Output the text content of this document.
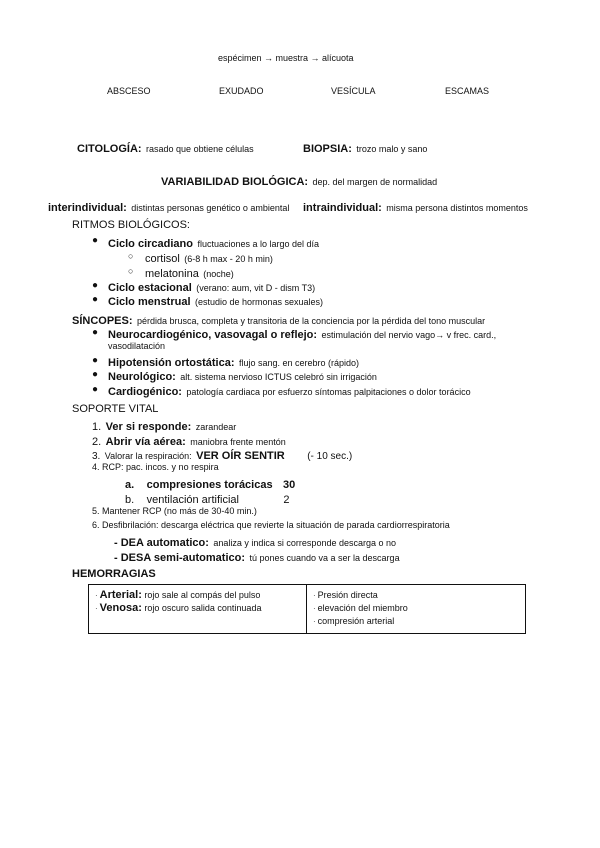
espécimen → muestra → alícuota
ABSCESO	EXUDADO	VESÍCULA	ESCAMAS
CITOLOGÍA: rasado que obtiene células	BIOPSIA: trozo malo y sano
VARIABILIDAD BIOLÓGICA: dep. del margen de normalidad
interindividual: distintas personas genético o ambiental intraindividual: misma persona distintos momentos
RITMOS BIOLÓGICOS:
● Ciclo circadiano fluctuaciones a lo largo del día
○ cortisol (6-8 h max - 20 h min)
○ melatonina (noche)
● Ciclo estacional (verano: aum, vit D - dism T3)
● Ciclo menstrual (estudio de hormonas sexuales)
SÍNCOPES: pérdida brusca, completa y transitoria de la conciencia por la pérdida del tono muscular
● Neurocardiogénico, vasovagal o reflejo: estimulación del nervio vago→ v frec. card.,
vasodilatación
● Hipotensión ortostática: flujo sang. en cerebro (rápido)
● Neurológico: alt. sistema nervioso ICTUS celebró sin irrigación
● Cardiogénico: patología cardiaca por esfuerzo síntomas palpitaciones o dolor torácico
SOPORTE VITAL
1. Ver si responde: zarandear
2. Abrir vía aérea: maniobra frente mentón
3. Valorar la respiración: VER OÍR SENTIR (- 10 sec.)
4. RCP: pac. incos. y no respira
a. compresiones torácicas 30
b. ventilación artificial	2
5. Mantener RCP (no más de 30-40 min.)
6. Desfibrilación: descarga eléctrica que revierte la situación de parada cardiorrespiratoria
- DEA automatico: analiza y indica si corresponde descarga o no
- DESA semi-automatico: tú pones cuando va a ser la descarga
HEMORRAGIAS
· Arterial: rojo sale al compás del pulso
· Venosa: rojo oscuro salida continuada

· Presión directa
· elevación del miembro
· compresión arterial
